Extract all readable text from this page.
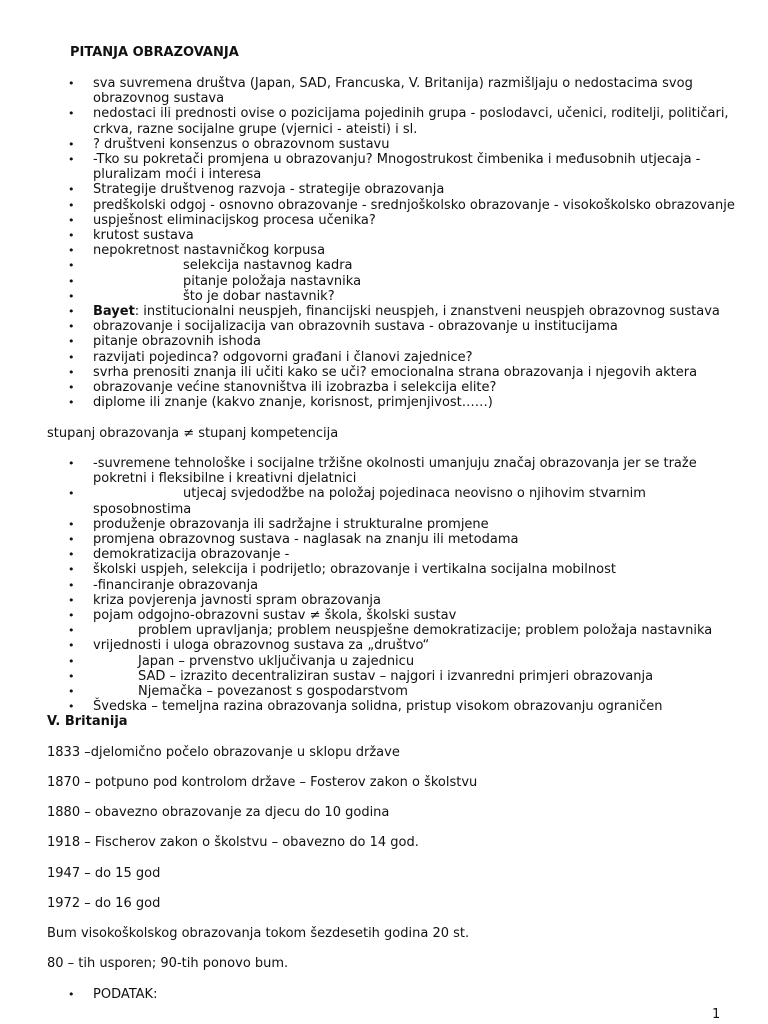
PITANJA OBRAZOVANJA
• sva suvremena društva (Japan, SAD, Francuska, V. Britanija) razmišljaju o nedostacima svog obrazovnog sustava
• nedostaci ili prednosti ovise o pozicijama pojedinih grupa - poslodavci, učenici, roditelji, političari, crkva, razne socijalne grupe (vjernici - ateisti) i sl.
• ? društveni konsenzus o obrazovnom sustavu
• -Tko su pokretači promjena u obrazovanju? Mnogostrukost čimbenika i međusobnih utjecaja - pluralizam moći i interesa
• Strategije društvenog razvoja - strategije obrazovanja
• predškolski odgoj - osnovno obrazovanje - srednjoškolsko obrazovanje - visokoškolsko obrazovanje
• uspješnost eliminacijskog procesa učenika?
• krutost sustava
• nepokretnost nastavničkog korpusa
•	selekcija nastavnog kadra
•	pitanje položaja nastavnika
•	što je dobar nastavnik?
• Bayet: institucionalni neuspjeh, financijski neuspjeh, i znanstveni neuspjeh obrazovnog sustava
• obrazovanje i socijalizacija van obrazovnih sustava - obrazovanje u institucijama
• pitanje obrazovnih ishoda
• razvijati pojedinca? odgovorni građani i članovi zajednice?
• svrha prenositi znanja ili učiti kako se uči? emocionalna strana obrazovanja i njegovih aktera
• obrazovanje većine stanovništva ili izobrazba i selekcija elite?
• diplome ili znanje (kakvo znanje, korisnost, primjenjivost……)
stupanj obrazovanja ≠ stupanj kompetencija
• -suvremene tehnološke i socijalne tržišne okolnosti umanjuju značaj obrazovanja jer se traže pokretni i fleksibilne i kreativni djelatnici
•	utjecaj svjedodžbe na položaj pojedinaca neovisno o njihovim stvarnim
sposobnostima
• produženje obrazovanja ili sadržajne i strukturalne promjene
• promjena obrazovnog sustava - naglasak na znanju ili metodama
• demokratizacija obrazovanje -
• školski uspjeh, selekcija i podrijetlo; obrazovanje i vertikalna socijalna mobilnost
• -financiranje obrazovanja
• kriza povjerenja javnosti spram obrazovanja
• pojam odgojno-obrazovni sustav ≠ škola, školski sustav
•	problem upravljanja; problem neuspješne demokratizacije; problem položaja nastavnika
• vrijednosti i uloga obrazovnog sustava za „društvo“
•	Japan – prvenstvo uključivanja u zajednicu
•	SAD – izrazito decentraliziran sustav – najgori i izvanredni primjeri obrazovanja
•	Njemačka – povezanost s gospodarstvom
• Švedska – temeljna razina obrazovanja solidna, pristup visokom obrazovanju ograničen
V. Britanija
1833 –djelomično počelo obrazovanje u sklopu države
1870 – potpuno pod kontrolom države – Fosterov zakon o školstvu
1880 – obavezno obrazovanje za djecu do 10 godina
1918 – Fischerov zakon o školstvu – obavezno do 14 god.
1947 – do 15 god
1972 – do 16 god
Bum visokoškolskog obrazovanja tokom šezdesetih godina 20 st.
80 – tih usporen; 90-tih ponovo bum.
• PODATAK:
1
